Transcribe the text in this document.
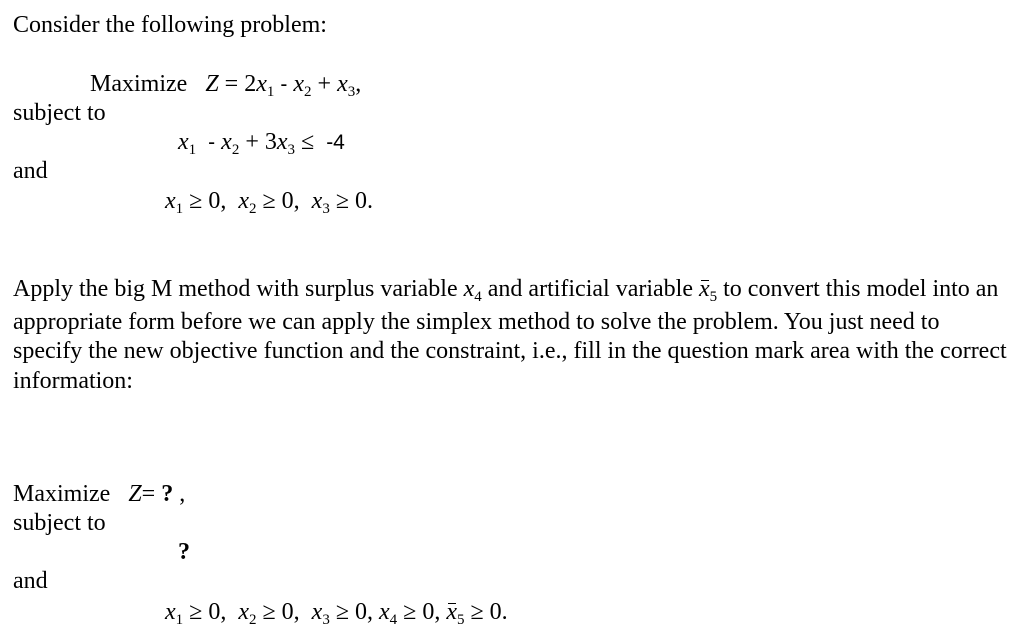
Consider the following problem:
Maximize $Z = 2x_1 - x_2 + x_3$,
subject to
$x_1 - x_2 + 3x_3 \le -4$
and
$x_1 \ge 0$, $x_2 \ge 0$, $x_3 \ge 0$.
Apply the big M method with surplus variable $x_4$ and artificial variable $x_5$ to convert this model into an appropriate form before we can apply the simplex method to solve the problem. You just need to specify the new objective function and the constraint, i.e., fill in the question mark area with the correct information:
Maximize Z= ? ,
subject to
?
and
$x_1 \ge 0$, $x_2 \ge 0$, $x_3 \ge 0$, $x_4 \ge 0$, $x_5 \ge 0$.
